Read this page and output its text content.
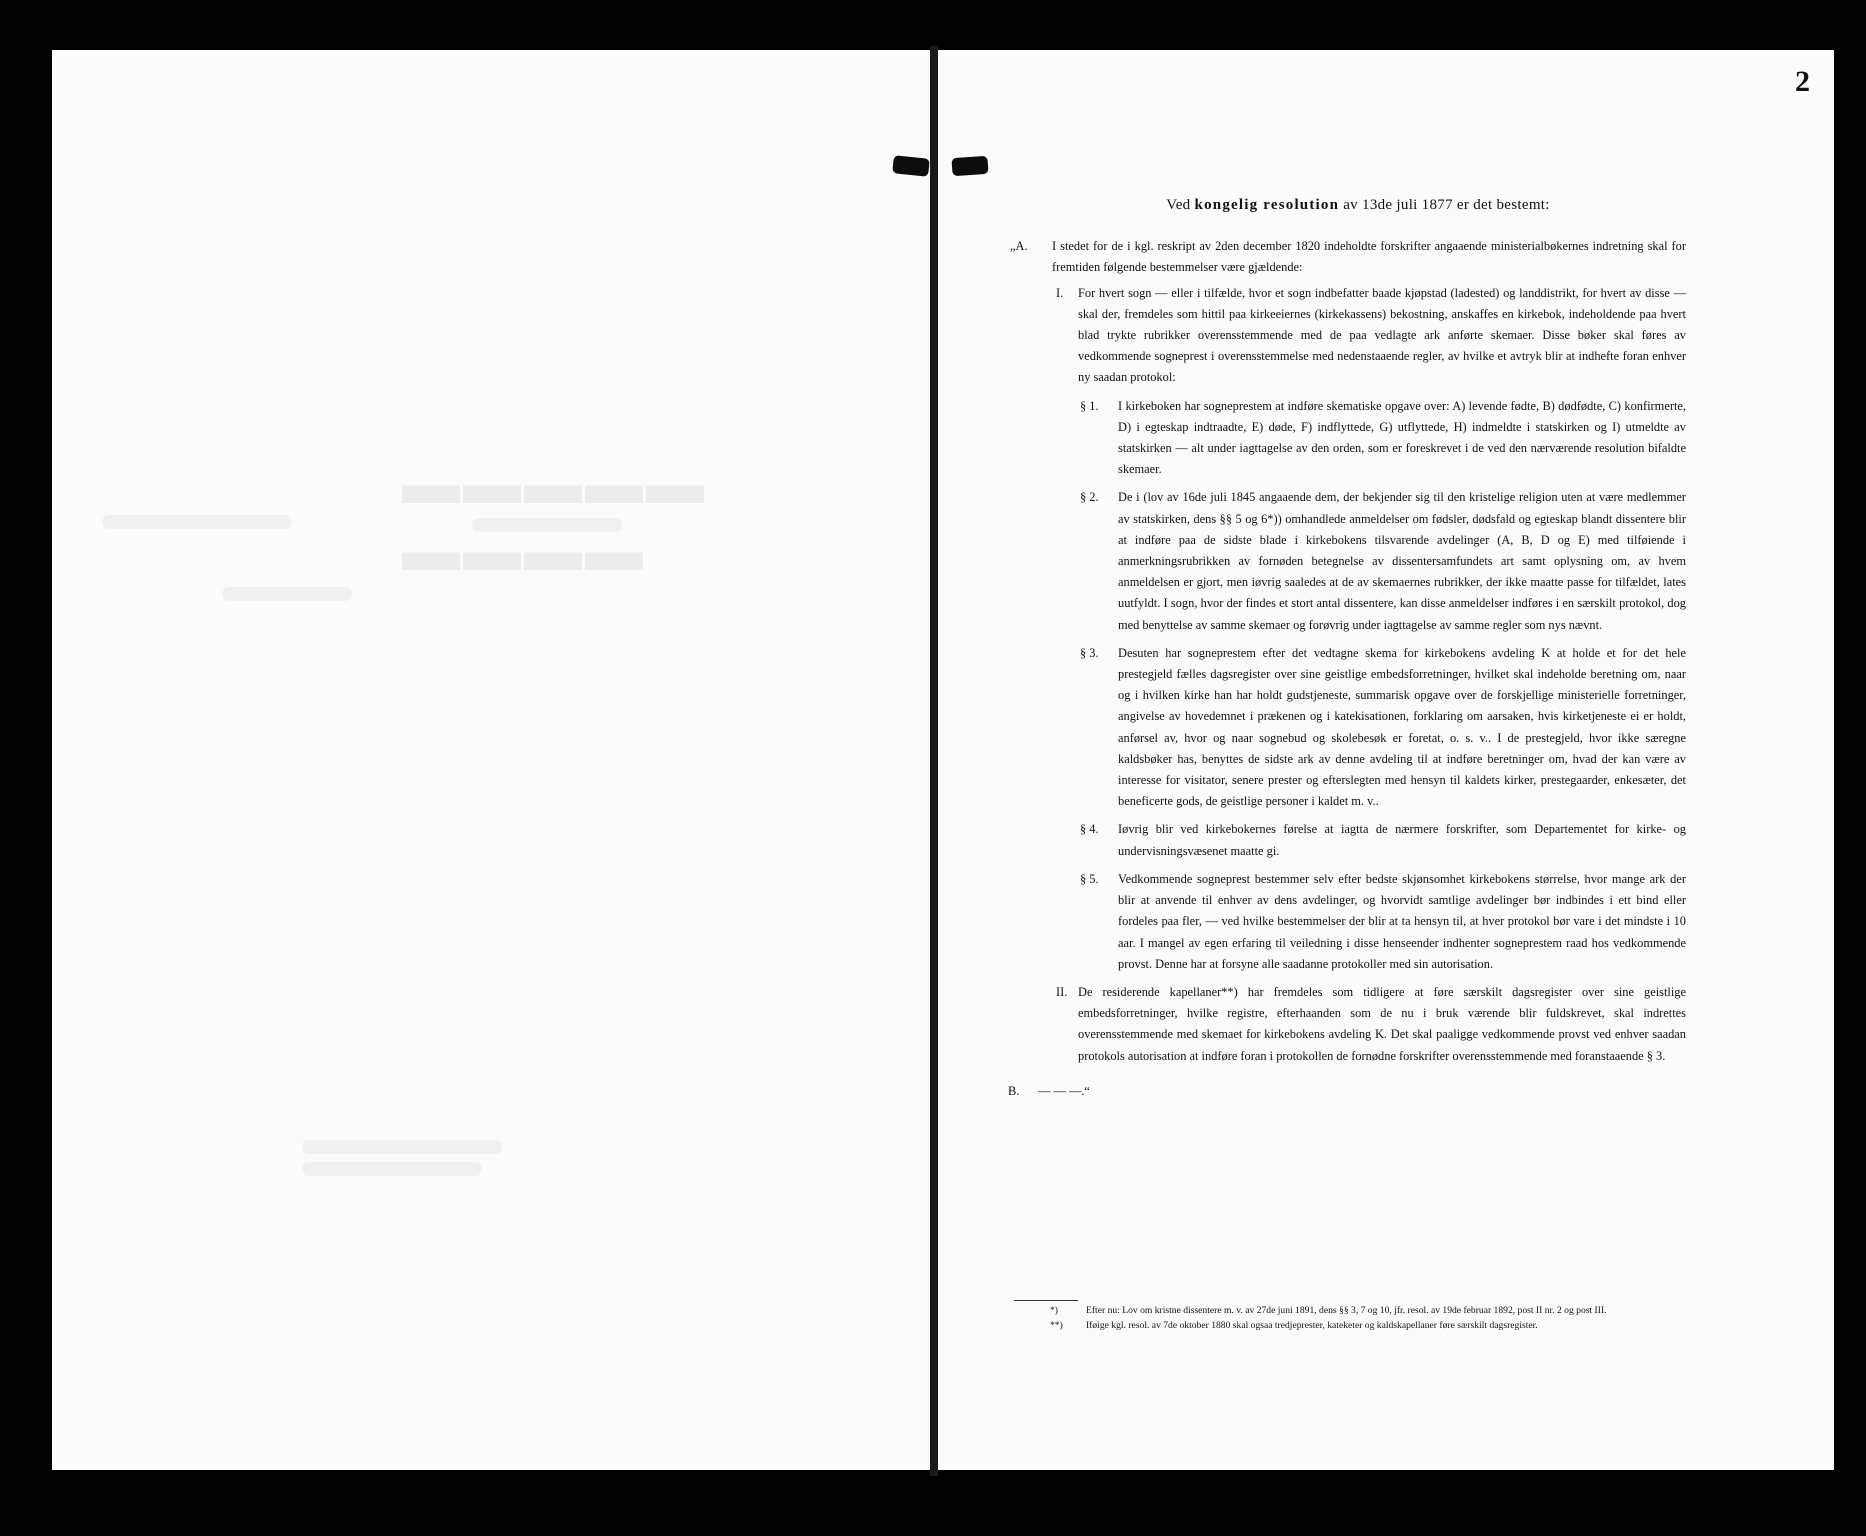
▬▬▬▬▬ ▬▬▬▬
2
Ved kongelig resolution av 13de juli 1877 er det bestemt:
„A. I stedet for de i kgl. reskript av 2den december 1820 indeholdte forskrifter angaaende ministerialbøkernes indretning skal for fremtiden følgende bestemmelser være gjældende:
I. For hvert sogn — eller i tilfælde, hvor et sogn indbefatter baade kjøpstad (ladested) og landdistrikt, for hvert av disse — skal der, fremdeles som hittil paa kirkeeiernes (kirkekassens) bekostning, anskaffes en kirkebok, indeholdende paa hvert blad trykte rubrikker overensstemmende med de paa vedlagte ark anførte skemaer. Disse bøker skal føres av vedkommende sogneprest i overensstemmelse med nedenstaaende regler, av hvilke et avtryk blir at indhefte foran enhver ny saadan protokol:
§ 1. I kirkeboken har sogneprestem at indføre skematiske opgave over: A) levende fødte, B) dødfødte, C) konfirmerte, D) i egteskap indtraadte, E) døde, F) indflyttede, G) utflyttede, H) indmeldte i statskirken og I) utmeldte av statskirken — alt under iagttagelse av den orden, som er foreskrevet i de ved den nærværende resolution bifaldte skemaer.
§ 2. De i (lov av 16de juli 1845 angaaende dem, der bekjender sig til den kristelige religion uten at være medlemmer av statskirken, dens §§ 5 og 6*)) omhandlede anmeldelser om fødsler, dødsfald og egteskap blandt dissentere blir at indføre paa de sidste blade i kirkebokens tilsvarende avdelinger (A, B, D og E) med tilføiende i anmerkningsrubrikken av fornøden betegnelse av dissentersamfundets art samt oplysning om, av hvem anmeldelsen er gjort, men iøvrig saaledes at de av skemaernes rubrikker, der ikke maatte passe for tilfældet, lates uutfyldt. I sogn, hvor der findes et stort antal dissentere, kan disse anmeldelser indføres i en særskilt protokol, dog med benyttelse av samme skemaer og forøvrig under iagttagelse av samme regler som nys nævnt.
§ 3. Desuten har sogneprestem efter det vedtagne skema for kirkebokens avdeling K at holde et for det hele prestegjeld fælles dagsregister over sine geistlige embedsforretninger, hvilket skal indeholde beretning om, naar og i hvilken kirke han har holdt gudstjeneste, summarisk opgave over de forskjellige ministerielle forretninger, angivelse av hovedemnet i prækenen og i katekisationen, forklaring om aarsaken, hvis kirketjeneste ei er holdt, anførsel av, hvor og naar sognebud og skolebesøk er foretat, o. s. v.. I de prestegjeld, hvor ikke særegne kaldsbøker has, benyttes de sidste ark av denne avdeling til at indføre beretninger om, hvad der kan være av interesse for visitator, senere prester og efterslegten med hensyn til kaldets kirker, prestegaarder, enkesæter, det beneficerte gods, de geistlige personer i kaldet m. v..
§ 4. Iøvrig blir ved kirkebokernes førelse at iagtta de nærmere forskrifter, som Departementet for kirke- og undervisningsvæsenet maatte gi.
§ 5. Vedkommende sogneprest bestemmer selv efter bedste skjønsomhet kirkebokens størrelse, hvor mange ark der blir at anvende til enhver av dens avdelinger, og hvorvidt samtlige avdelinger bør indbindes i ett bind eller fordeles paa fler, — ved hvilke bestemmelser der blir at ta hensyn til, at hver protokol bør vare i det mindste i 10 aar. I mangel av egen erfaring til veiledning i disse henseender indhenter sogneprestem raad hos vedkommende provst. Denne har at forsyne alle saadanne protokoller med sin autorisation.
II. De residerende kapellaner**) har fremdeles som tidligere at føre særskilt dagsregister over sine geistlige embedsforretninger, hvilke registre, efterhaanden som de nu i bruk værende blir fuldskrevet, skal indrettes overensstemmende med skemaet for kirkebokens avdeling K. Det skal paaligge vedkommende provst ved enhver saadan protokols autorisation at indføre foran i protokollen de fornødne forskrifter overensstemmende med foranstaaende § 3.
B. — — —.“
*)	Efter nu: Lov om kristne dissentere m. v. av 27de juni 1891, dens §§ 3, 7 og 10, jfr. resol. av 19de februar 1892, post II nr. 2 og post III.
**) Iføige kgl. resol. av 7de oktober 1880 skal ogsaa tredjeprester, kateketer og kaldskapellaner føre særskilt dagsregister.
